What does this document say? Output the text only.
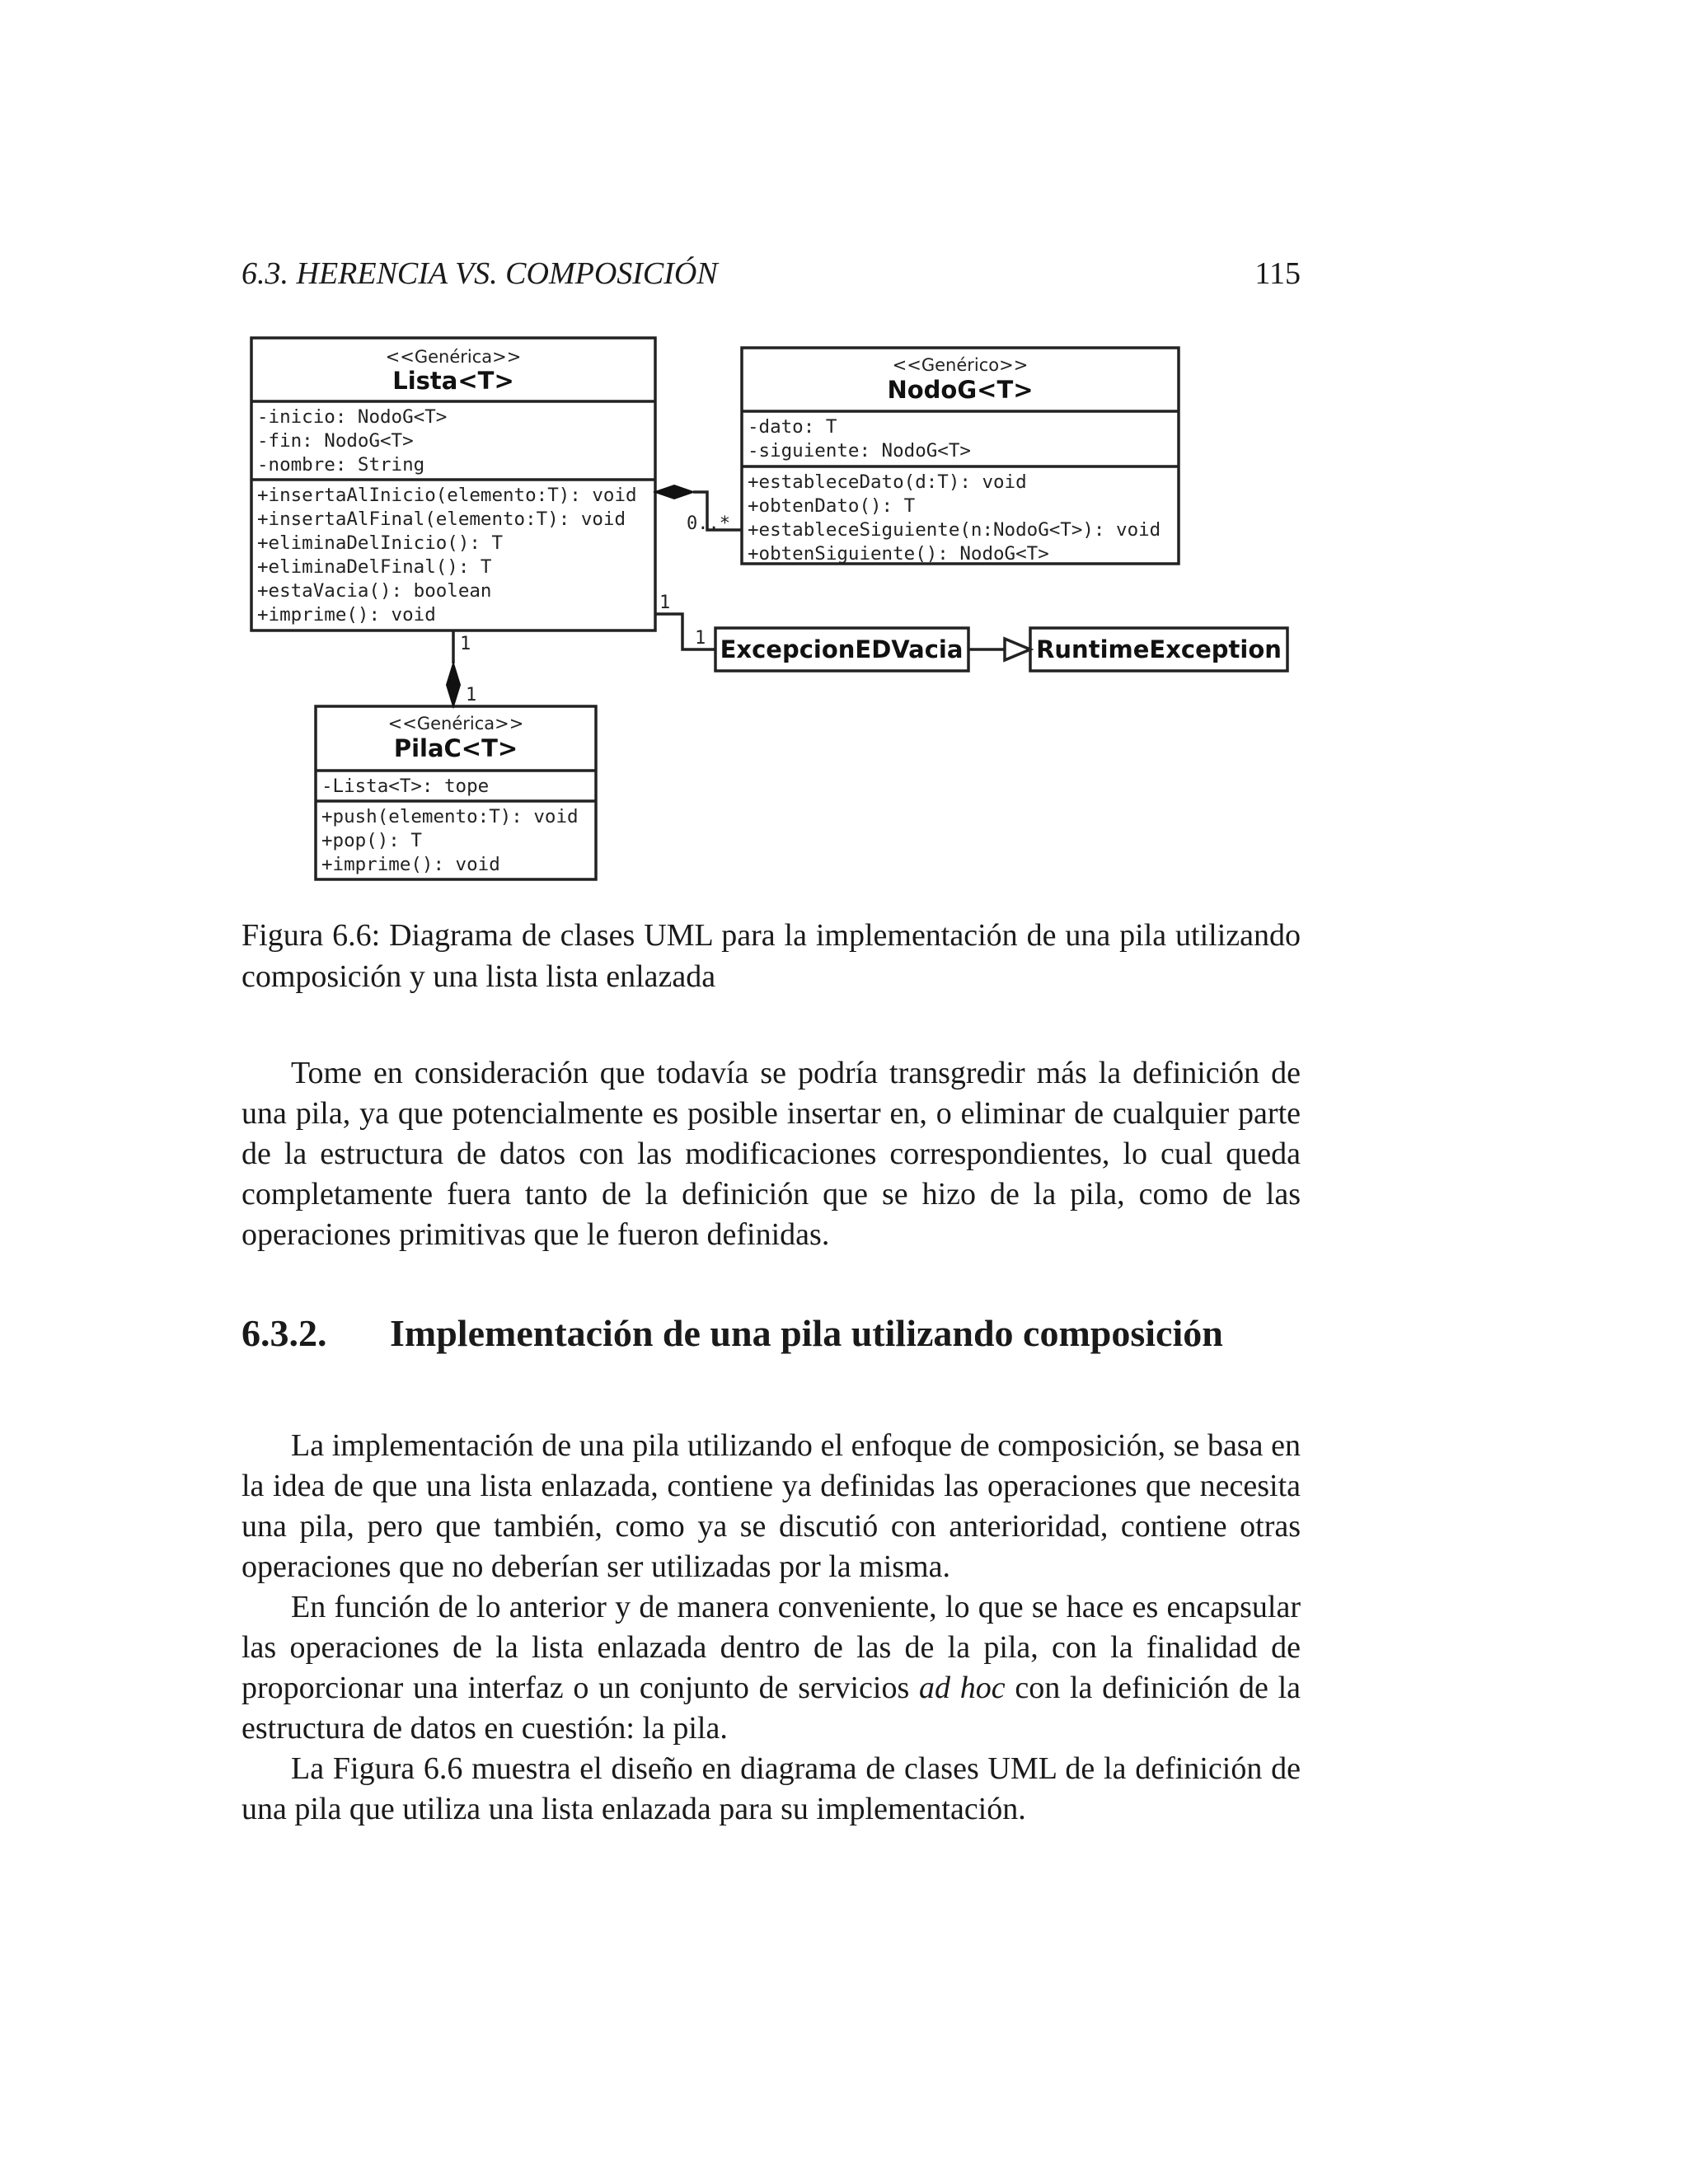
6.3. HERENCIA VS. COMPOSICIÓN	115
<<Genérica>>
Lista<T>
-inicio: NodoG<T>
-fin: NodoG<T>
-nombre: String
+insertaAlInicio(elemento:T): void
+insertaAlFinal(elemento:T): void
+eliminaDelInicio(): T
+eliminaDelFinal(): T
+estaVacia(): boolean
+imprime(): void
<<Genérico>>
NodoG<T>
-dato: T
-siguiente: NodoG<T>
+estableceDato(d:T): void
+obtenDato(): T
+estableceSiguiente(n:NodoG<T>): void
+obtenSiguiente(): NodoG<T>
<<Genérica>>
PilaC<T>
-Lista<T>: tope
+push(elemento:T): void
+pop(): T
+imprime(): void
ExcepcionEDVacia	RuntimeException
0..*
1
1
1
1
Figura 6.6: Diagrama de clases UML para la implementación de una pila utilizando composición y una lista lista enlazada

Tome en consideración que todavía se podría transgredir más la definición de una pila, ya que potencialmente es posible insertar en, o eliminar de cualquier parte de la estructura de datos con las modificaciones correspondientes, lo cual queda completamente fuera tanto de la definición que se hizo de la pila, como de las operaciones primitivas que le fueron definidas.

6.3.2. Implementación de una pila utilizando composición

La implementación de una pila utilizando el enfoque de composición, se basa en la idea de que una lista enlazada, contiene ya definidas las operaciones que necesita una pila, pero que también, como ya se discutió con anterioridad, contiene otras operaciones que no deberían ser utilizadas por la misma.

En función de lo anterior y de manera conveniente, lo que se hace es encapsular las operaciones de la lista enlazada dentro de las de la pila, con la finalidad de proporcionar una interfaz o un conjunto de servicios ad hoc con la definición de la estructura de datos en cuestión: la pila.

La Figura 6.6 muestra el diseño en diagrama de clases UML de la definición de una pila que utiliza una lista enlazada para su implementación.
